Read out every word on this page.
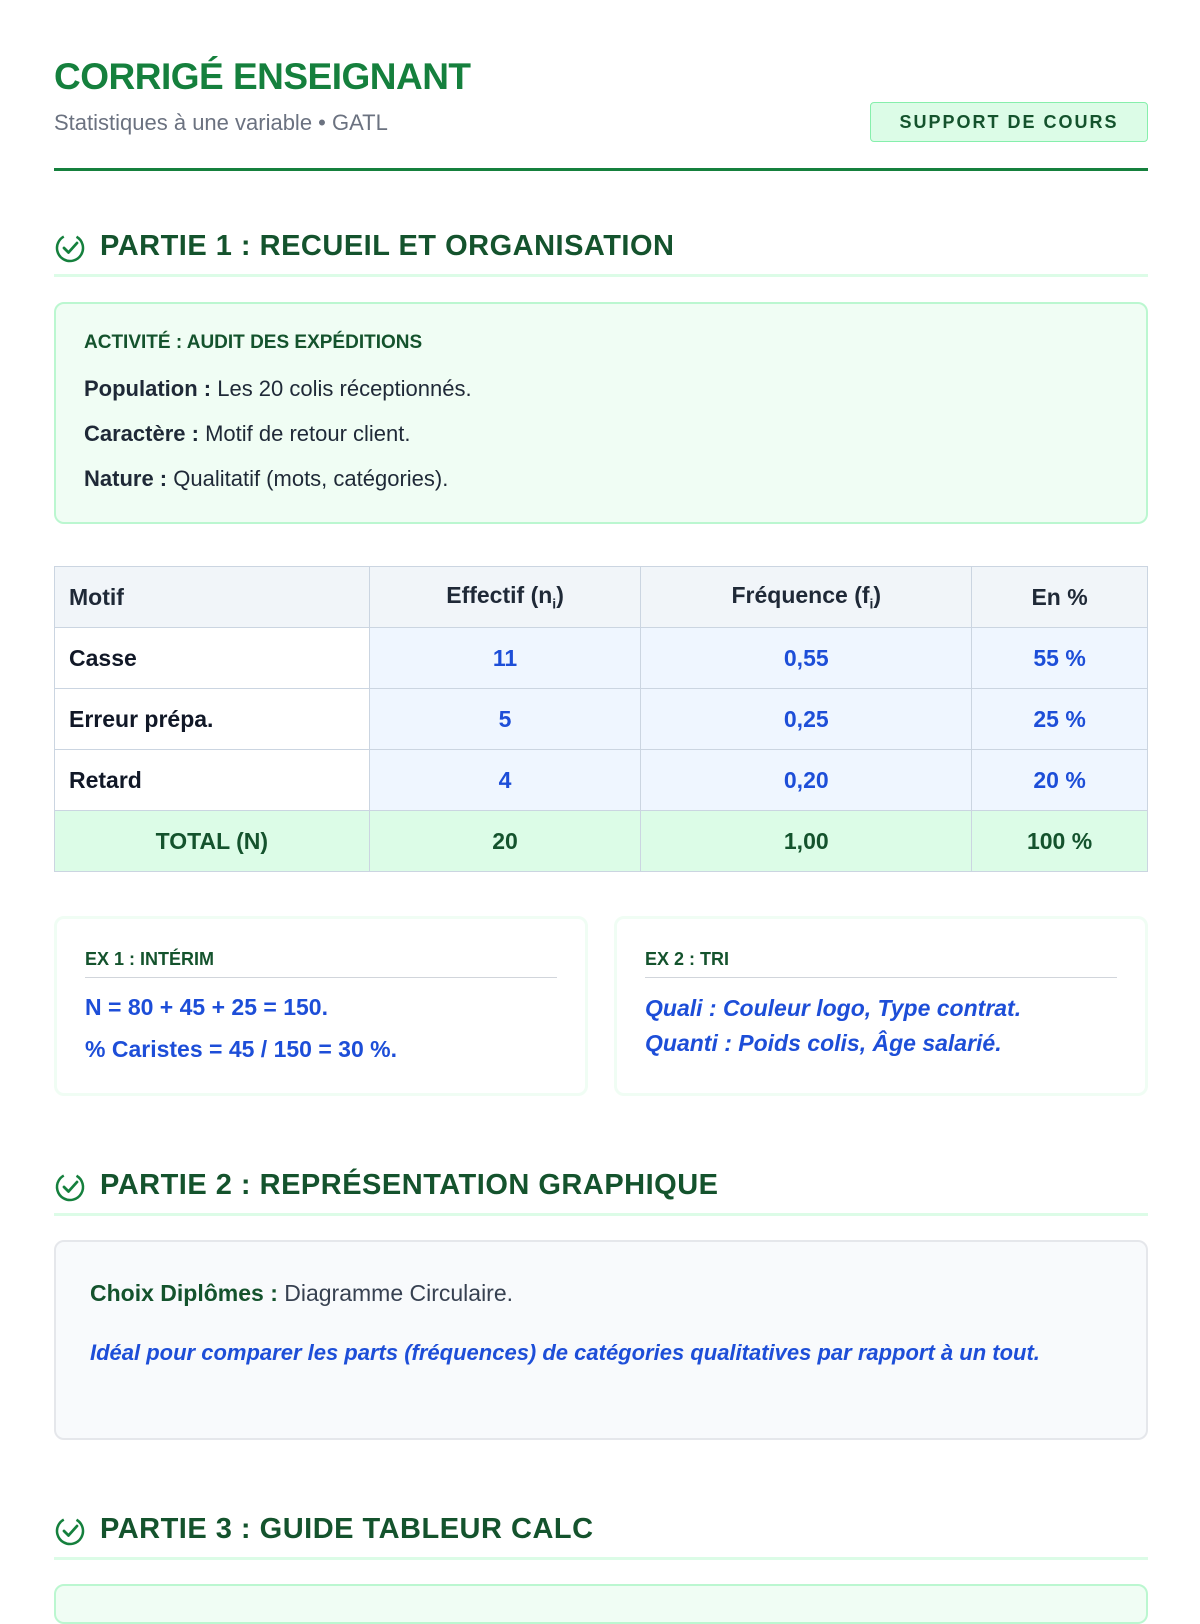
CORRIGÉ ENSEIGNANT
Statistiques à une variable • GATL	SUPPORT DE COURS
PARTIE 1 : RECUEIL ET ORGANISATION
ACTIVITÉ : AUDIT DES EXPÉDITIONS
Population : Les 20 colis réceptionnés.
Caractère : Motif de retour client.
Nature : Qualitatif (mots, catégories).
Motif	Effectif $(n_i)$	Fréquence $(f_i)$	En %
Casse	11	0,55	55 %
Erreur prépa.	5	0,25	25 %
Retard	4	0,20	20 %
TOTAL (N)	20	1,00	100 %
EX 1 : INTÉRIM
N = 80 + 45 + 25 = 150.
% Caristes = 45 / 150 = 30 %.
EX 2 : TRI
Quali : Couleur logo, Type contrat.
Quanti : Poids colis, Âge salarié.
PARTIE 2 : REPRÉSENTATION GRAPHIQUE
Choix Diplômes : Diagramme Circulaire.
Idéal pour comparer les parts (fréquences) de catégories qualitatives par rapport à un tout.
PARTIE 3 : GUIDE TABLEUR CALC
